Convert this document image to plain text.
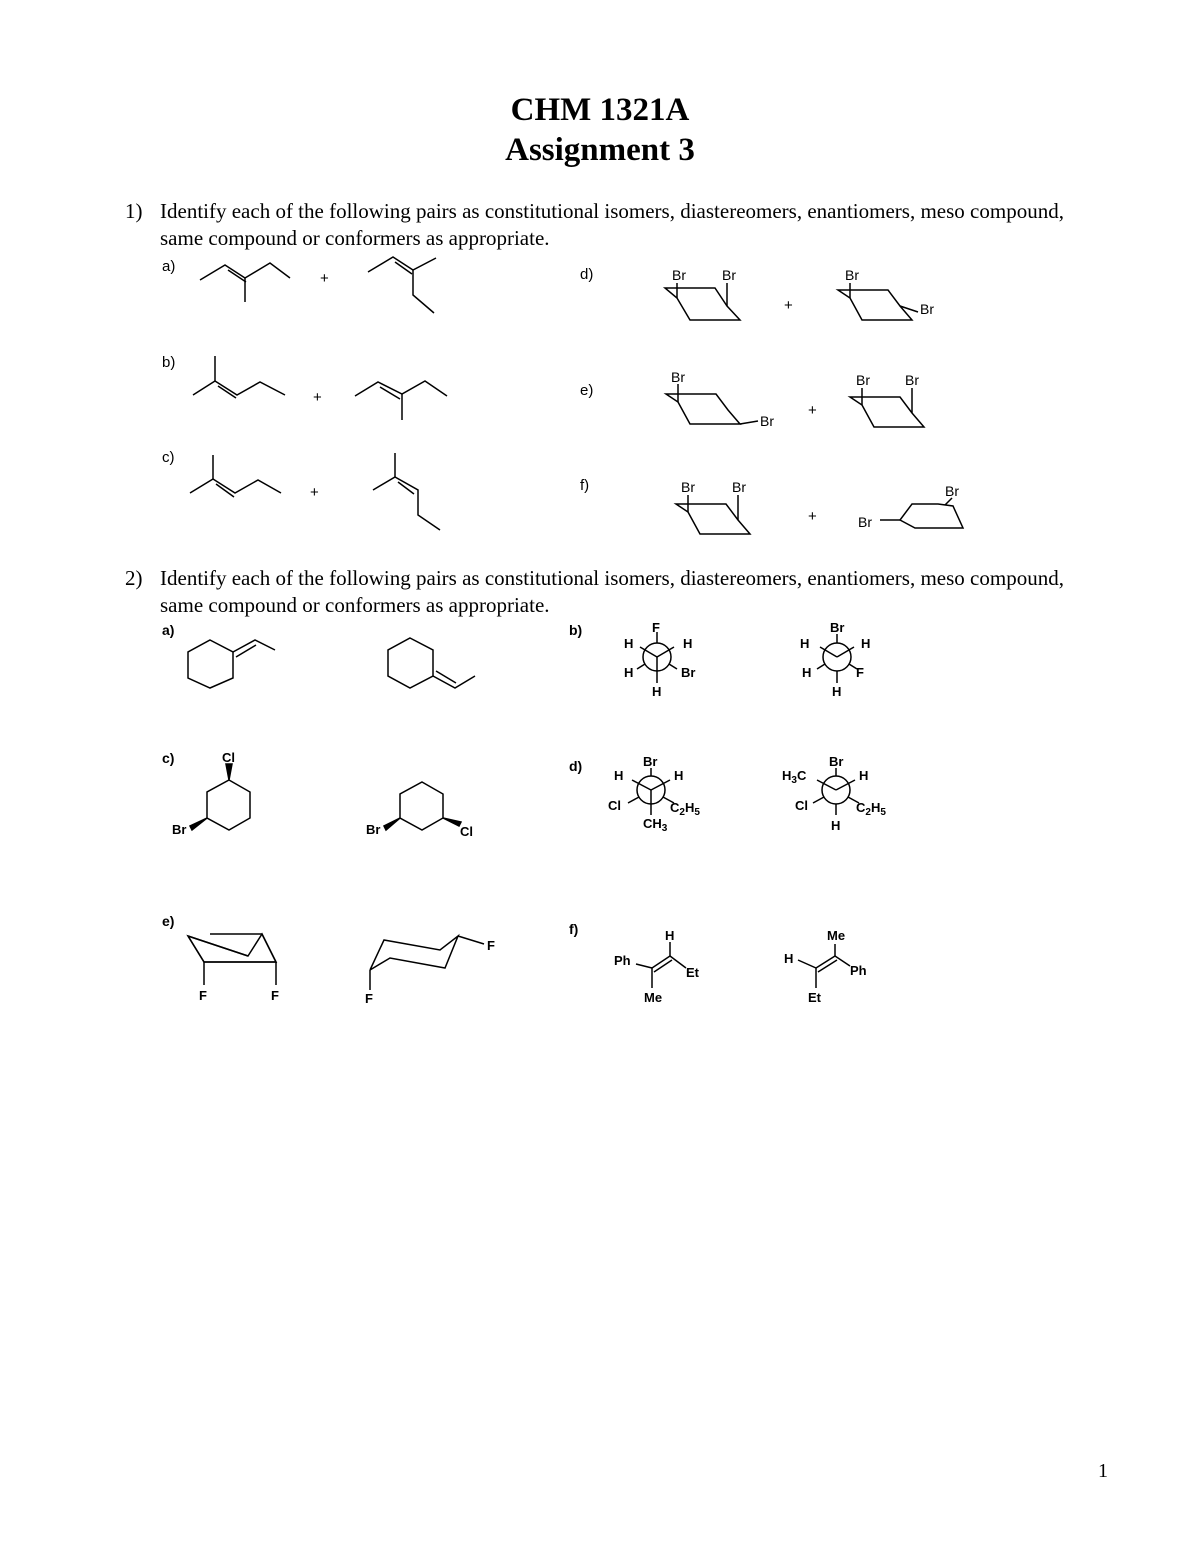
CHM 1321A
Assignment 3
1) Identify each of the following pairs as constitutional isomers, diastereomers, enantiomers, meso compound, same compound or conformers as appropriate.
a)
b)
c)
d)
e)
f)
+
+
+
+
+
+
Br	Br	Br
Br
Br
Br
Br	Br
Br	Br
Br
Br
F
H	H
H	Br
H
Br
H	H
H	F
H
Cl
Br	Br	Cl
Br
H	H
Cl	$C_2H_5$
$CH_3$
Br
$H_3C$	H
Cl	$C_2H_5$
H
F	F
F
F
Ph
H
Et
Me
H
Me
Ph
Et
2) Identify each of the following pairs as constitutional isomers, diastereomers, enantiomers, meso compound, same compound or conformers as appropriate.
a)	b)
c)	d)
e)	f)
1
